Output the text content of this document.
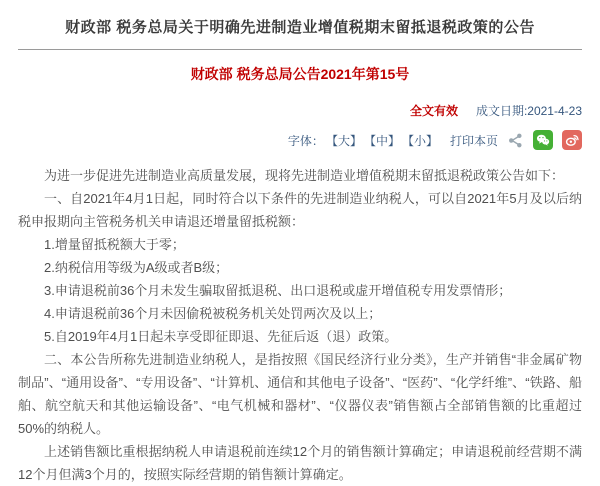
财政部 税务总局关于明确先进制造业增值税期末留抵退税政策的公告
财政部 税务总局公告2021年第15号
全文有效 成文日期:2021-4-23
字体： 【大】 【中】 【小】 打印本页

为进一步促进先进制造业高质量发展，现将先进制造业增值税期末留抵退税政策公告如下：

一、自2021年4月1日起，同时符合以下条件的先进制造业纳税人，可以自2021年5月及以后纳税申报期向主管税务机关申请退还增量留抵税额：

1.增量留抵税额大于零；

2.纳税信用等级为A级或者B级；

3.申请退税前36个月未发生骗取留抵退税、出口退税或虚开增值税专用发票情形；

4.申请退税前36个月未因偷税被税务机关处罚两次及以上；

5.自2019年4月1日起未享受即征即退、先征后返（退）政策。

二、本公告所称先进制造业纳税人，是指按照《国民经济行业分类》，生产并销售“非金属矿物制品”、“通用设备”、“专用设备”、“计算机、通信和其他电子设备”、“医药”、“化学纤维”、“铁路、船舶、航空航天和其他运输设备”、“电气机械和器材”、“仪器仪表”销售额占全部销售额的比重超过50%的纳税人。

上述销售额比重根据纳税人申请退税前连续12个月的销售额计算确定；申请退税前经营期不满12个月但满3个月的，按照实际经营期的销售额计算确定。
